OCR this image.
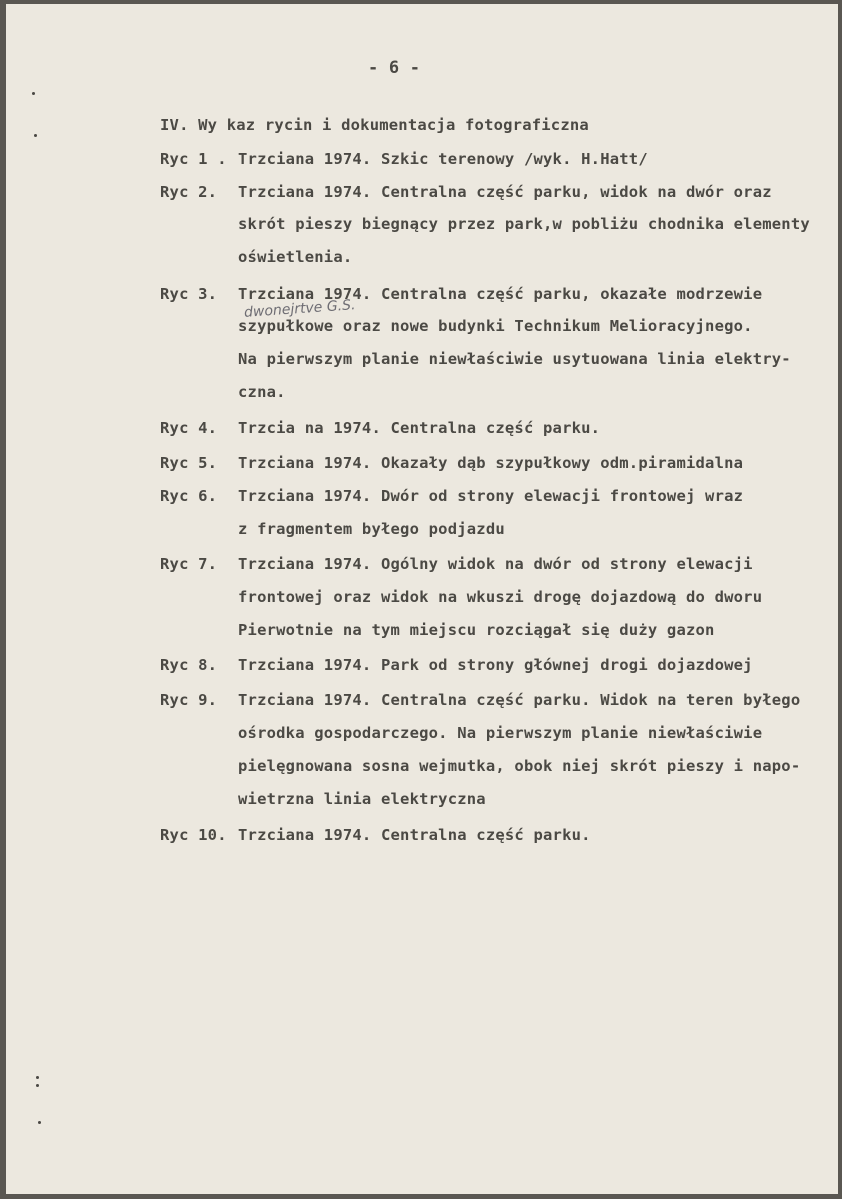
- 6 -
IV. Wy kaz rycin i dokumentacja fotograficzna
Ryc 1 . Trzciana 1974. Szkic terenowy /wyk. H.Hatt/
Ryc 2. Trzciana 1974. Centralna część parku, widok na dwór oraz
skrót pieszy biegnący przez park,w pobliżu chodnika elementy
oświetlenia.
Ryc 3. Trzciana 1974. Centralna część parku, okazałe modrzewie
dwonejrtve G.S.
szypułkowe oraz nowe budynki Technikum Melioracyjnego.
Na pierwszym planie niewłaściwie usytuowana linia elektry-
czna.
Ryc 4. Trzcia na 1974. Centralna część parku.
Ryc 5. Trzciana 1974. Okazały dąb szypułkowy odm.piramidalna
Ryc 6. Trzciana 1974. Dwór od strony elewacji frontowej wraz
z fragmentem byłego podjazdu
Ryc 7. Trzciana 1974. Ogólny widok na dwór od strony elewacji
frontowej oraz widok na wkuszi drogę dojazdową do dworu
Pierwotnie na tym miejscu rozciągał się duży gazon
Ryc 8. Trzciana 1974. Park od strony głównej drogi dojazdowej
Ryc 9. Trzciana 1974. Centralna część parku. Widok na teren byłego
ośrodka gospodarczego. Na pierwszym planie niewłaściwie
pielęgnowana sosna wejmutka, obok niej skrót pieszy i napo-
wietrzna linia elektryczna
Ryc 10. Trzciana 1974. Centralna część parku.
